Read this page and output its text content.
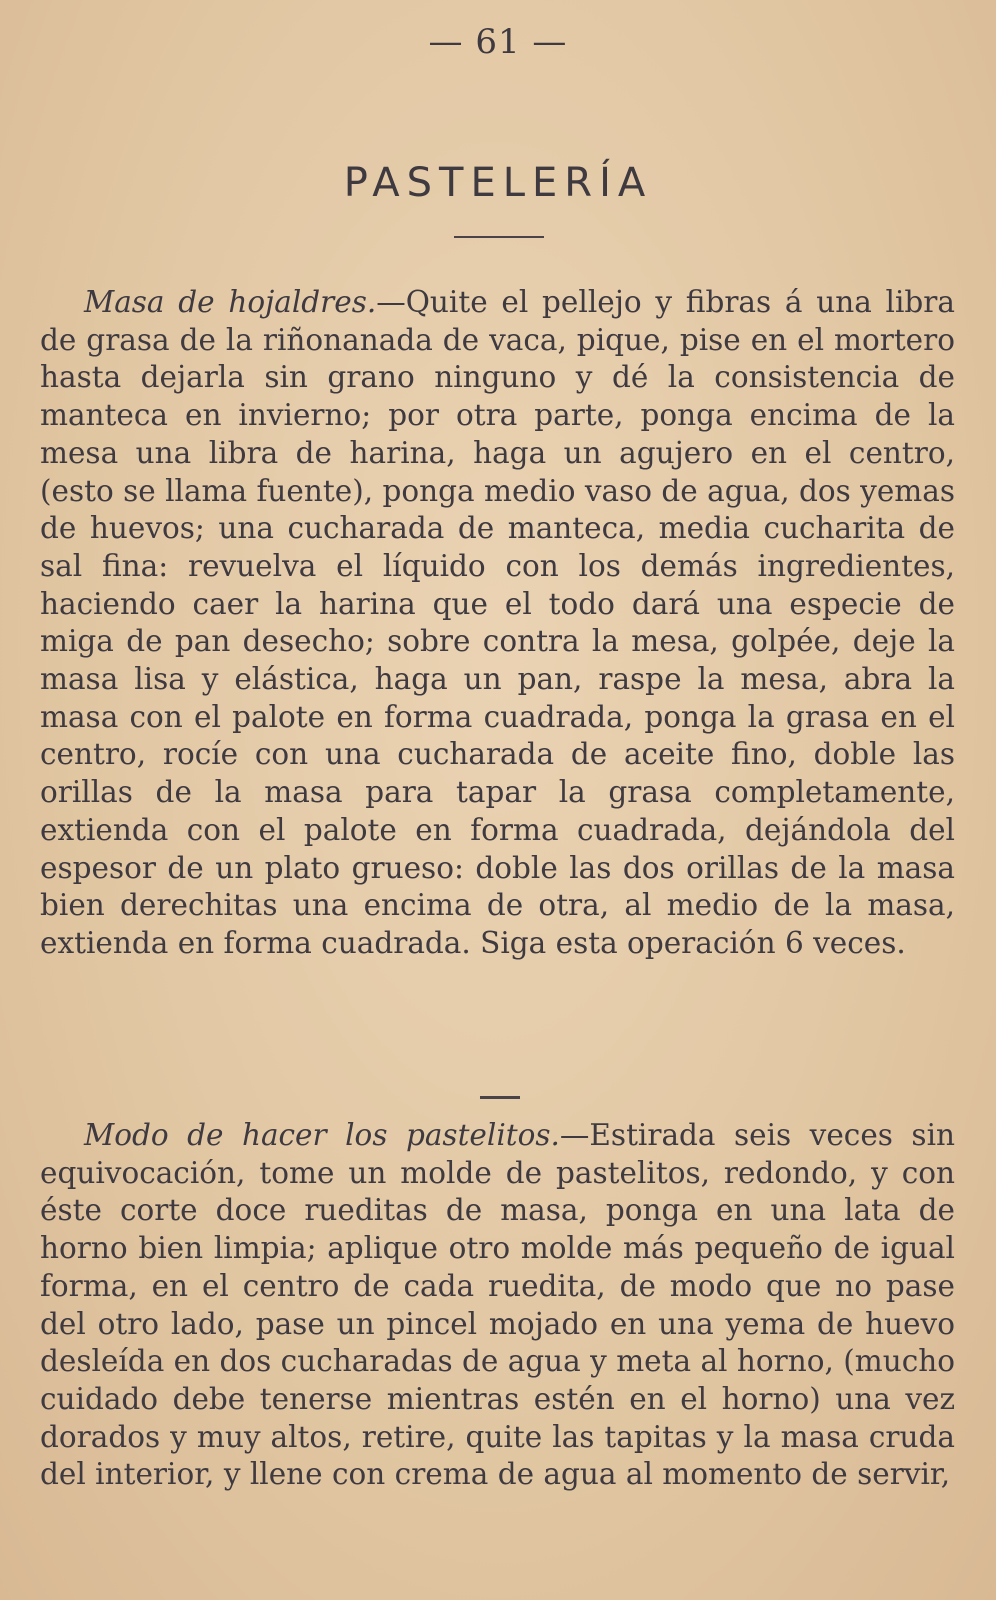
— 61 —
PASTELERÍA

Masa de hojaldres.—Quite el pellejo y fibras á una libra de grasa de la riñonanada de vaca, pique, pise en el mortero hasta dejarla sin grano ninguno y dé la consistencia de manteca en invierno; por otra parte, ponga encima de la mesa una libra de harina, haga un agujero en el centro, (esto se llama fuente), ponga medio vaso de agua, dos yemas de huevos; una cucharada de manteca, media cucharita de sal fina: revuelva el líquido con los demás ingredientes, haciendo caer la harina que el todo dará una especie de miga de pan desecho; sobre contra la mesa, golpée, deje la masa lisa y elástica, haga un pan, raspe la mesa, abra la masa con el palote en forma cuadrada, ponga la grasa en el centro, rocíe con una cucharada de aceite fino, doble las orillas de la masa para tapar la grasa completamente, extienda con el palote en forma cuadrada, dejándola del espesor de un plato grueso: doble las dos orillas de la masa bien derechitas una encima de otra, al medio de la masa, extienda en forma cuadrada. Siga esta operación 6 veces.

Modo de hacer los pastelitos.—Estirada seis veces sin equivocación, tome un molde de pastelitos, redondo, y con éste corte doce rueditas de masa, ponga en una lata de horno bien limpia; aplique otro molde más pequeño de igual forma, en el centro de cada ruedita, de modo que no pase del otro lado, pase un pincel mojado en una yema de huevo desleída en dos cucharadas de agua y meta al horno, (mucho cuidado debe tenerse mientras estén en el horno) una vez dorados y muy altos, retire, quite las tapitas y la masa cruda del interior, y llene con crema de agua al momento de servir,
